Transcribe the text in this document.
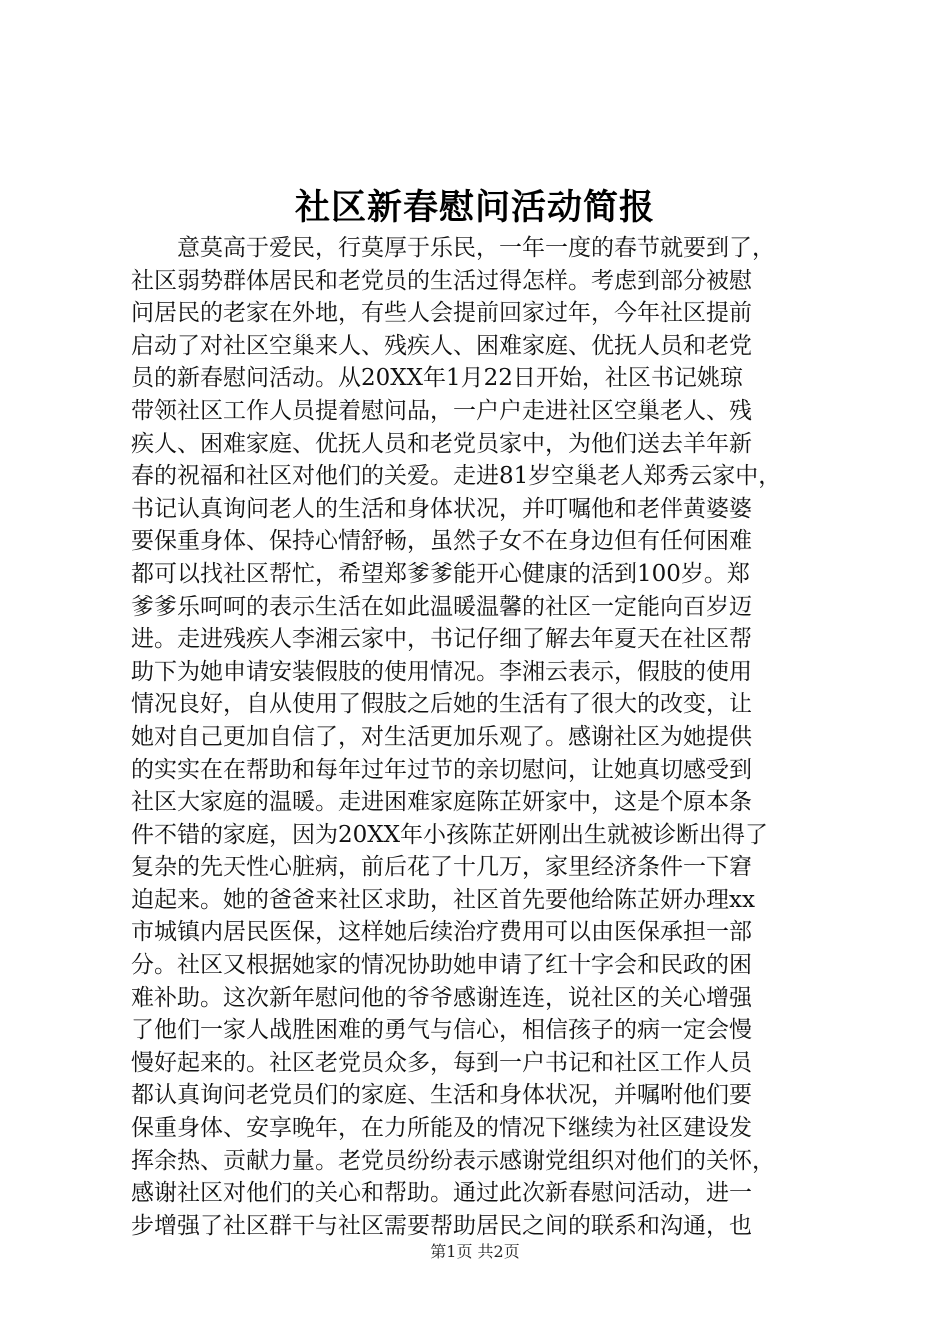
社区新春慰问活动简报
　　意莫高于爱民，行莫厚于乐民，一年一度的春节就要到了，
社区弱势群体居民和老党员的生活过得怎样。考虑到部分被慰
问居民的老家在外地，有些人会提前回家过年，今年社区提前
启动了对社区空巢来人、残疾人、困难家庭、优抚人员和老党
员的新春慰问活动。从20XX年1月22日开始，社区书记姚琼
带领社区工作人员提着慰问品，一户户走进社区空巢老人、残
疾人、困难家庭、优抚人员和老党员家中，为他们送去羊年新
春的祝福和社区对他们的关爱。走进81岁空巢老人郑秀云家中，
书记认真询问老人的生活和身体状况，并叮嘱他和老伴黄婆婆
要保重身体、保持心情舒畅，虽然子女不在身边但有任何困难
都可以找社区帮忙，希望郑爹爹能开心健康的活到100岁。郑
爹爹乐呵呵的表示生活在如此温暖温馨的社区一定能向百岁迈
进。走进残疾人李湘云家中，书记仔细了解去年夏天在社区帮
助下为她申请安装假肢的使用情况。李湘云表示，假肢的使用
情况良好，自从使用了假肢之后她的生活有了很大的改变，让
她对自己更加自信了，对生活更加乐观了。感谢社区为她提供
的实实在在帮助和每年过年过节的亲切慰问，让她真切感受到
社区大家庭的温暖。走进困难家庭陈芷妍家中，这是个原本条
件不错的家庭，因为20XX年小孩陈芷妍刚出生就被诊断出得了
复杂的先天性心脏病，前后花了十几万，家里经济条件一下窘
迫起来。她的爸爸来社区求助，社区首先要他给陈芷妍办理xx
市城镇内居民医保，这样她后续治疗费用可以由医保承担一部
分。社区又根据她家的情况协助她申请了红十字会和民政的困
难补助。这次新年慰问他的爷爷感谢连连，说社区的关心增强
了他们一家人战胜困难的勇气与信心，相信孩子的病一定会慢
慢好起来的。社区老党员众多，每到一户书记和社区工作人员
都认真询问老党员们的家庭、生活和身体状况，并嘱咐他们要
保重身体、安享晚年，在力所能及的情况下继续为社区建设发
挥余热、贡献力量。老党员纷纷表示感谢党组织对他们的关怀，
感谢社区对他们的关心和帮助。通过此次新春慰问活动，进一
步增强了社区群干与社区需要帮助居民之间的联系和沟通，也
第1页 共2页
